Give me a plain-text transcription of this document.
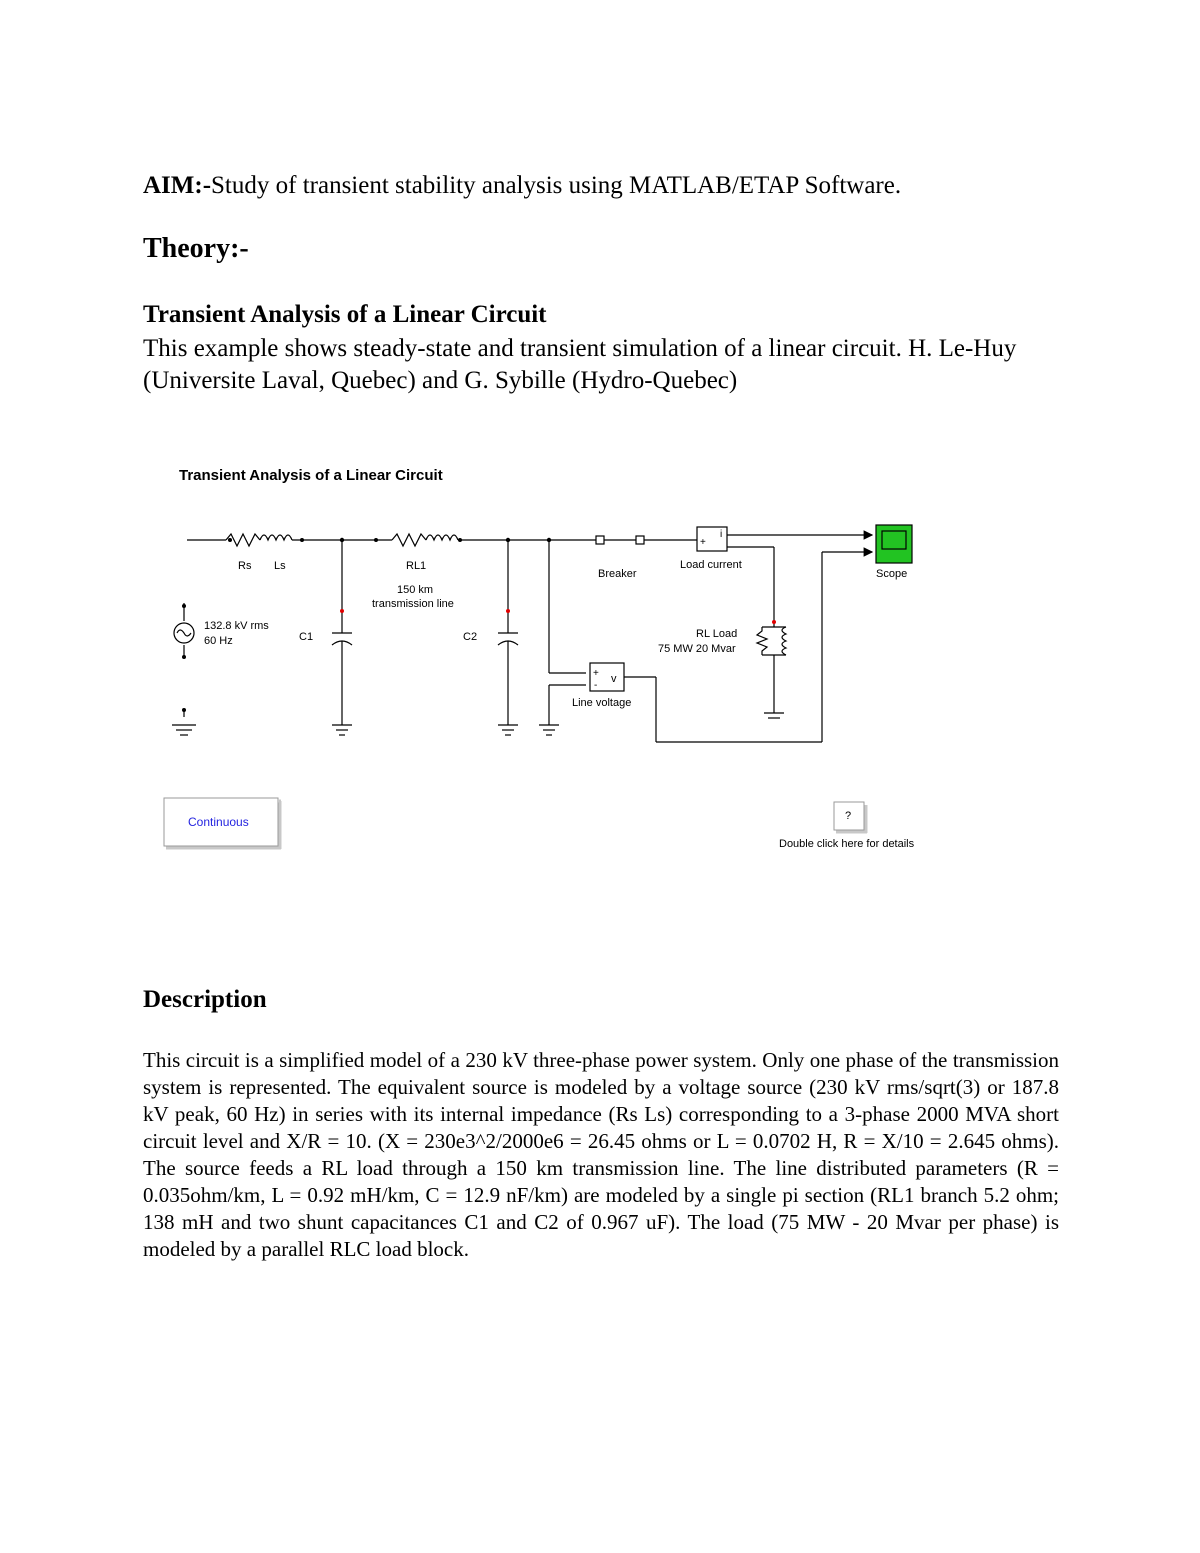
AIM:-Study of transient stability analysis using MATLAB/ETAP Software.
Theory:-
Transient Analysis of a Linear Circuit
This example shows steady-state and transient simulation of a linear circuit. H. Le-Huy (Universite Laval, Quebec) and G. Sybille (Hydro-Quebec)
Transient Analysis of a Linear Circuit
Rs Ls	RL1
150 km
transmission line
132.8 kV rms
60 Hz	C1	C2
Breaker
Load current
Scope
RL Load
75 MW 20 Mvar
Line voltage
+
i
+
-
v
Continuous	?
Double click here for details
Description
This circuit is a simplified model of a 230 kV three-phase power system. Only one phase of the transmission system is represented. The equivalent source is modeled by a voltage source (230 kV rms/sqrt(3) or 187.8 kV peak, 60 Hz) in series with its internal impedance (Rs Ls) corresponding to a 3-phase 2000 MVA short circuit level and X/R = 10. (X = 230e3^2/2000e6 = 26.45 ohms or L = 0.0702 H, R = X/10 = 2.645 ohms). The source feeds a RL load through a 150 km transmission line. The line distributed parameters (R = 0.035ohm/km, L = 0.92 mH/km, C = 12.9 nF/km) are modeled by a single pi section (RL1 branch 5.2 ohm; 138 mH and two shunt capacitances C1 and C2 of 0.967 uF). The load (75 MW - 20 Mvar per phase) is modeled by a parallel RLC load block.
